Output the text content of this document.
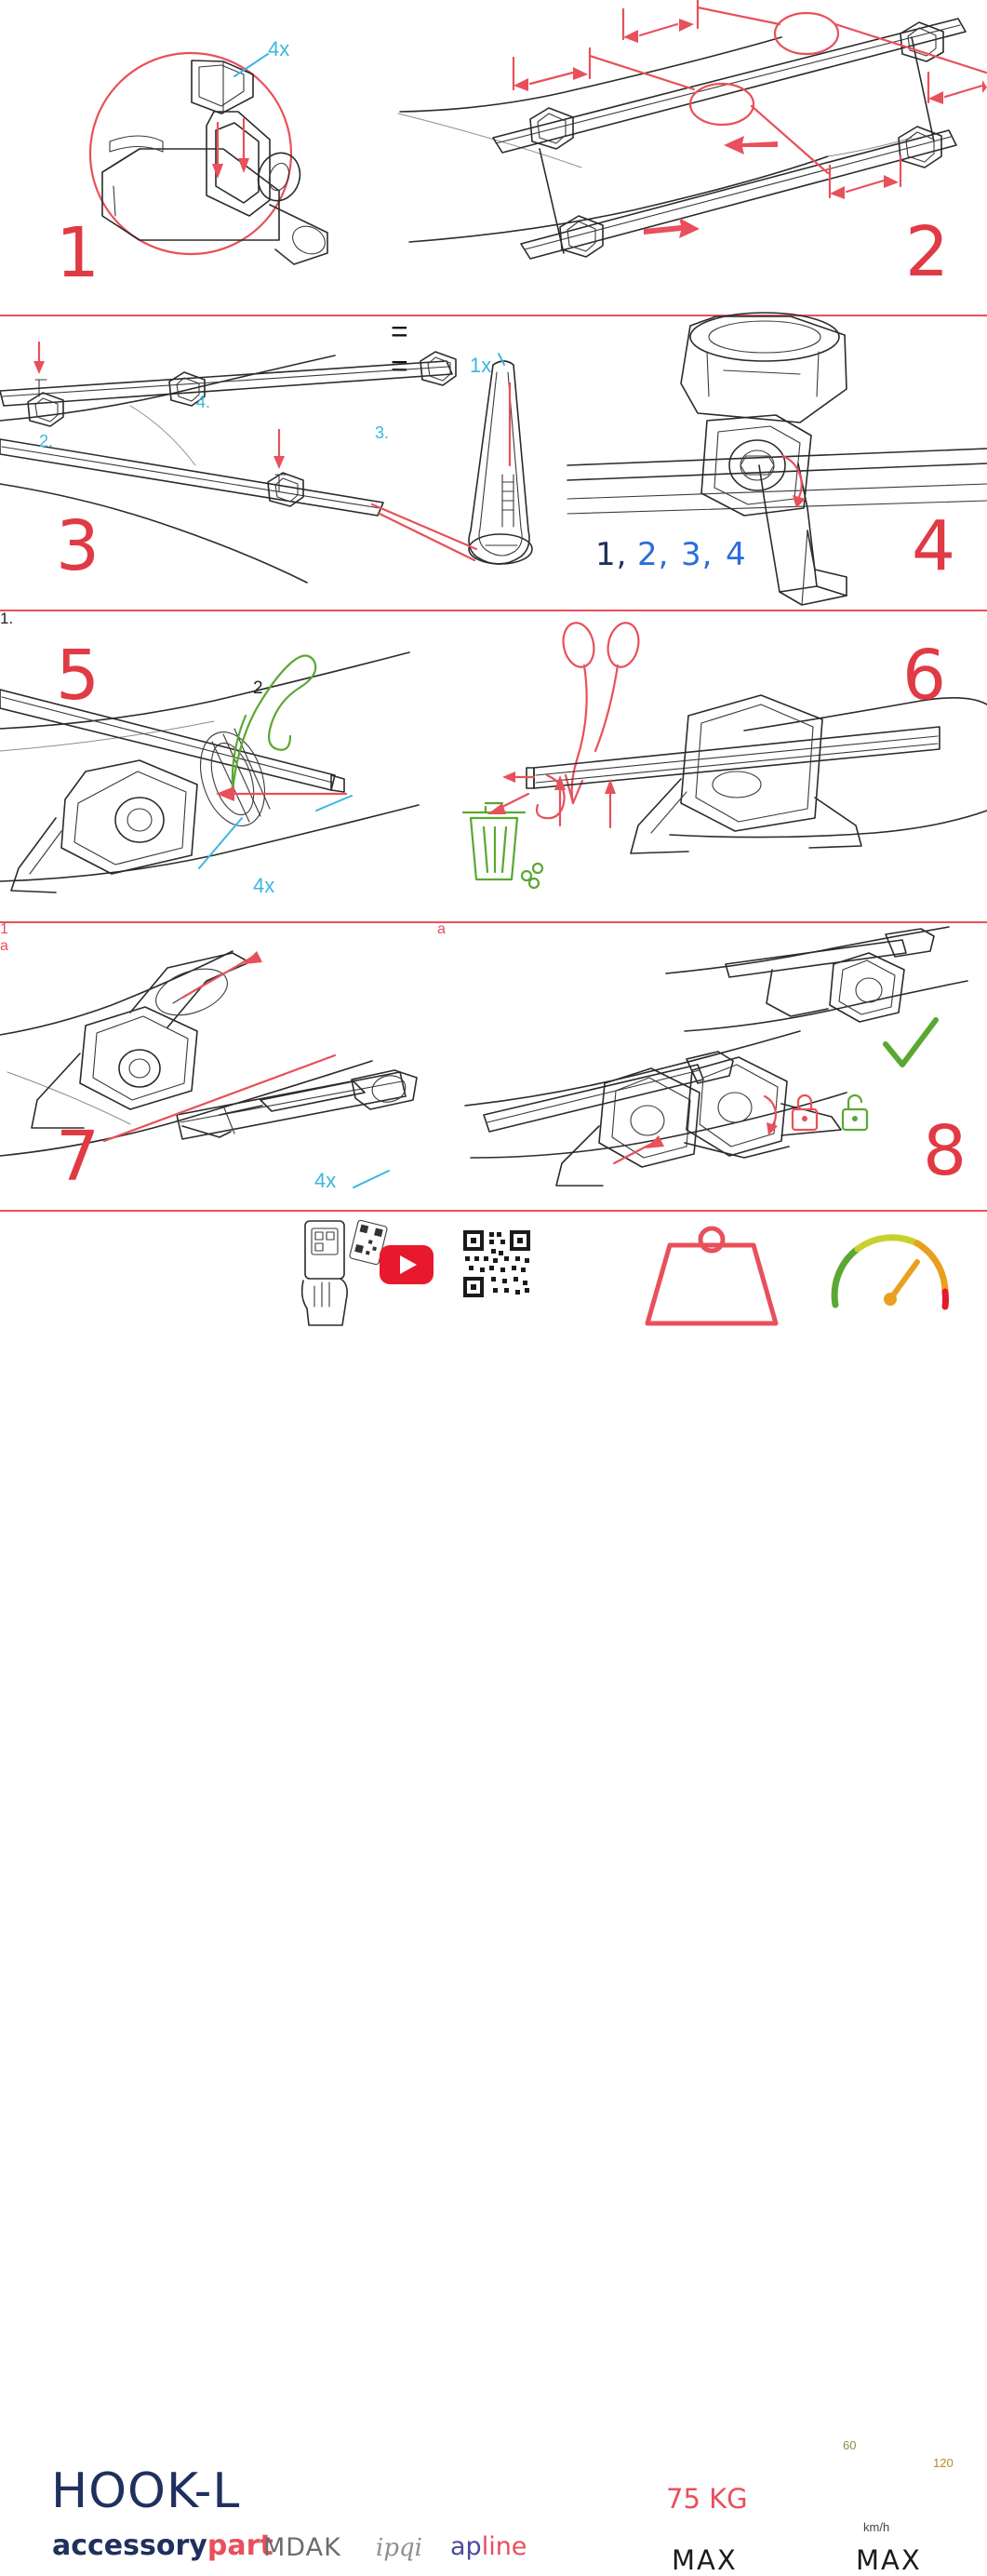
4x
1
=
=
2
1.
2.	3.
4.
1x
3	1, 2, 3, 4 4
1
2
a
4x
5
a
6
4x
7	8
HOOK-L
accessorypart
MDAK ipqi apline
75 KG
MAX	MAX
km/h
60
120
